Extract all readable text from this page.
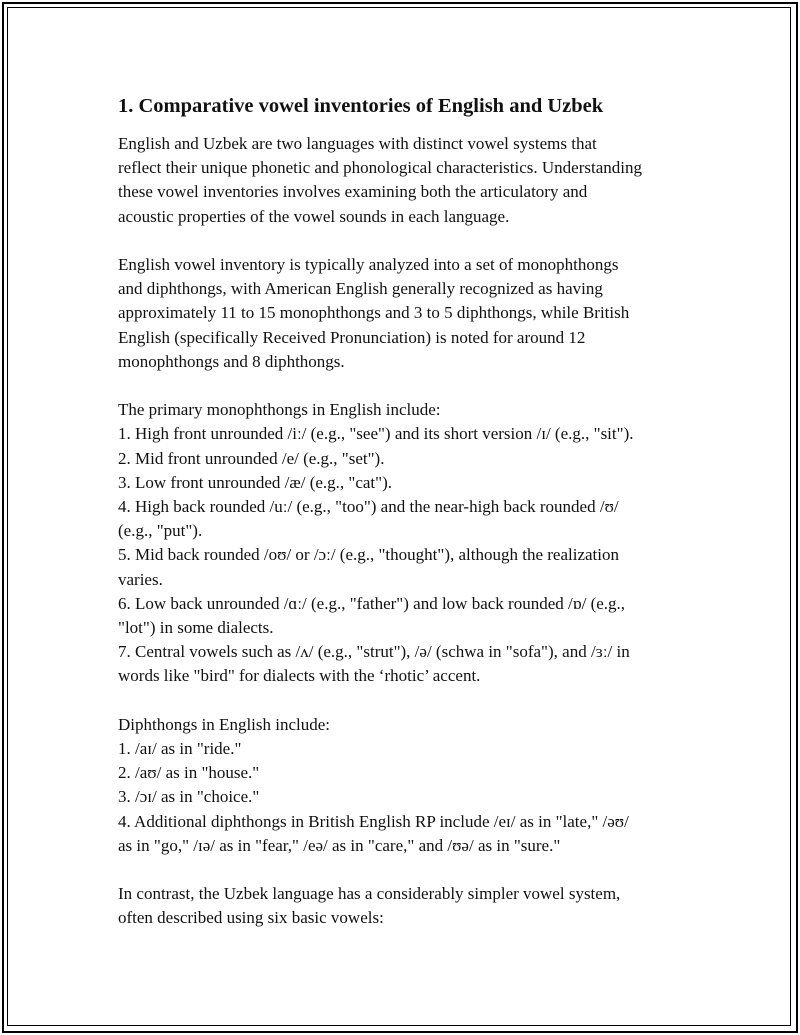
1. Comparative vowel inventories of English and Uzbek
English and Uzbek are two languages with distinct vowel systems that
reflect their unique phonetic and phonological characteristics. Understanding
these vowel inventories involves examining both the articulatory and
acoustic properties of the vowel sounds in each language.
English vowel inventory is typically analyzed into a set of monophthongs
and diphthongs, with American English generally recognized as having
approximately 11 to 15 monophthongs and 3 to 5 diphthongs, while British
English (specifically Received Pronunciation) is noted for around 12
monophthongs and 8 diphthongs.
The primary monophthongs in English include:
1. High front unrounded /iː/ (e.g., "see") and its short version /ɪ/ (e.g., "sit").
2. Mid front unrounded /e/ (e.g., "set").
3. Low front unrounded /æ/ (e.g., "cat").
4. High back rounded /uː/ (e.g., "too") and the near-high back rounded /ʊ/
(e.g., "put").
5. Mid back rounded /oʊ/ or /ɔː/ (e.g., "thought"), although the realization
varies.
6. Low back unrounded /ɑː/ (e.g., "father") and low back rounded /ɒ/ (e.g.,
"lot") in some dialects.
7. Central vowels such as /ʌ/ (e.g., "strut"), /ə/ (schwa in "sofa"), and /ɜː/ in
words like "bird" for dialects with the ‘rhotic’ accent.
Diphthongs in English include:
1. /aɪ/ as in "ride."
2. /aʊ/ as in "house."
3. /ɔɪ/ as in "choice."
4. Additional diphthongs in British English RP include /eɪ/ as in "late," /əʊ/
as in "go," /ɪə/ as in "fear," /eə/ as in "care," and /ʊə/ as in "sure."
In contrast, the Uzbek language has a considerably simpler vowel system,
often described using six basic vowels:
